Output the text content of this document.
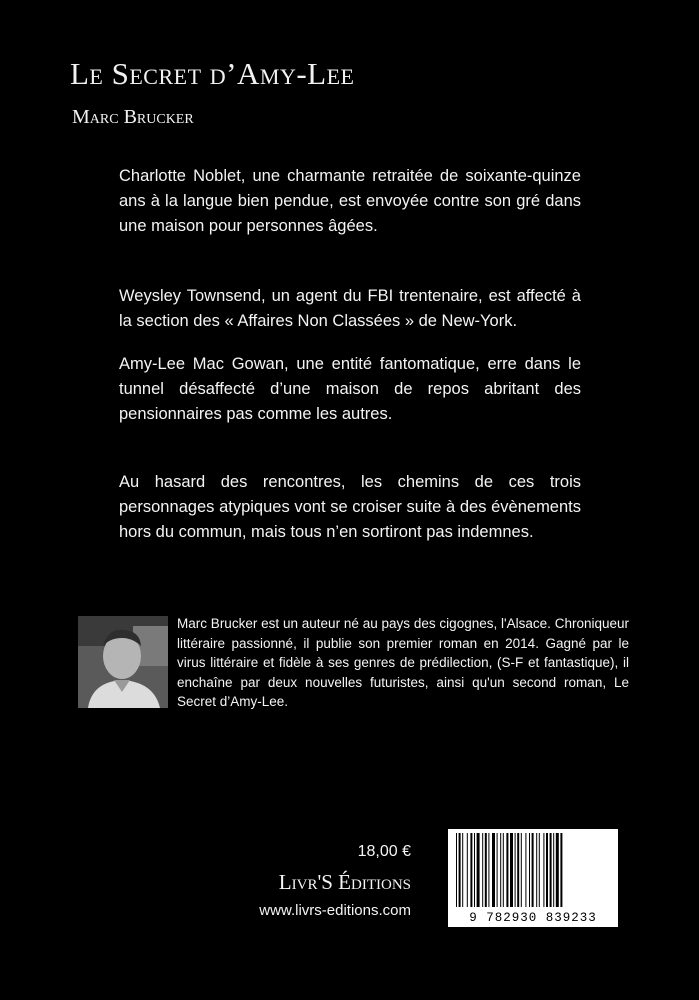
Le Secret d’Amy-Lee
Marc Brucker

Charlotte Noblet, une charmante retraitée de soixante-quinze ans à la langue bien pendue, est envoyée contre son gré dans une maison pour personnes âgées.

Weysley Townsend, un agent du FBI trentenaire, est affecté à la section des « Affaires Non Classées » de New-York.

Amy-Lee Mac Gowan, une entité fantomatique, erre dans le tunnel désaffecté d’une maison de repos abritant des pensionnaires pas comme les autres.

Au hasard des rencontres, les chemins de ces trois personnages atypiques vont se croiser suite à des évènements hors du commun, mais tous n’en sortiront pas indemnes.

Marc Brucker est un auteur né au pays des cigognes, l'Alsace. Chroniqueur littéraire passionné, il publie son premier roman en 2014. Gagné par le virus littéraire et fidèle à ses genres de prédilection, (S-F et fantastique), il enchaîne par deux nouvelles futuristes, ainsi qu'un second roman, Le Secret d’Amy-Lee.

18,00 €
Livr'S Éditions
www.livrs-editions.com	9 782930 839233
